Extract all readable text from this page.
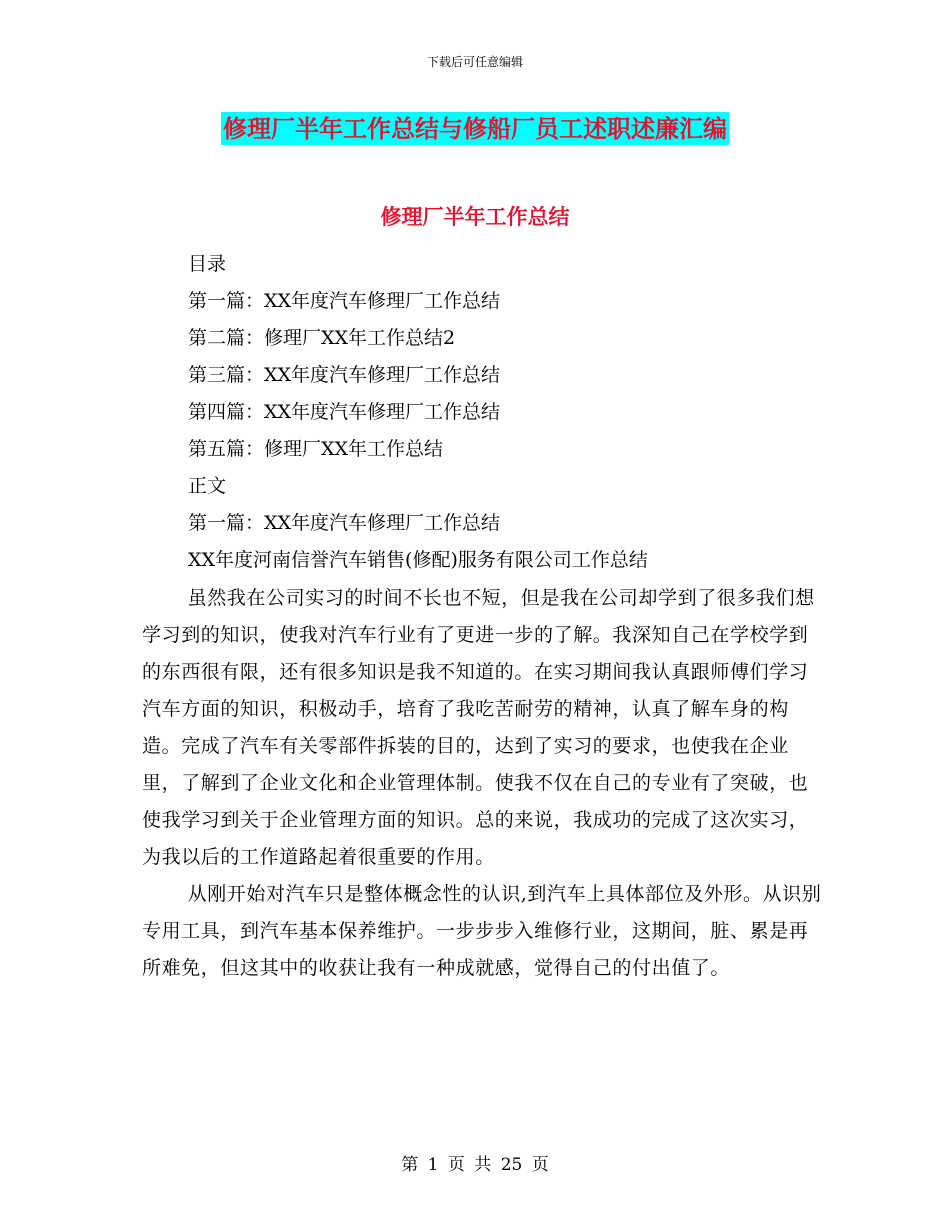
下载后可任意编辑
修理厂半年工作总结与修船厂员工述职述廉汇编
修理厂半年工作总结
目录
第一篇：XX年度汽车修理厂工作总结
第二篇：修理厂XX年工作总结2
第三篇：XX年度汽车修理厂工作总结
第四篇：XX年度汽车修理厂工作总结
第五篇：修理厂XX年工作总结
正文
第一篇：XX年度汽车修理厂工作总结
XX年度河南信誉汽车销售(修配)服务有限公司工作总结

虽然我在公司实习的时间不长也不短，但是我在公司却学到了很多我们想学习到的知识，使我对汽车行业有了更进一步的了解。我深知自己在学校学到的东西很有限，还有很多知识是我不知道的。在实习期间我认真跟师傅们学习汽车方面的知识，积极动手，培育了我吃苦耐劳的精神，认真了解车身的构造。完成了汽车有关零部件拆装的目的，达到了实习的要求，也使我在企业里，了解到了企业文化和企业管理体制。使我不仅在自己的专业有了突破，也使我学习到关于企业管理方面的知识。总的来说，我成功的完成了这次实习，为我以后的工作道路起着很重要的作用。

从刚开始对汽车只是整体概念性的认识,到汽车上具体部位及外形。从识别专用工具，到汽车基本保养维护。一步步步入维修行业，这期间，脏、累是再所难免，但这其中的收获让我有一种成就感，觉得自己的付出值了。

第 1 页 共 25 页
